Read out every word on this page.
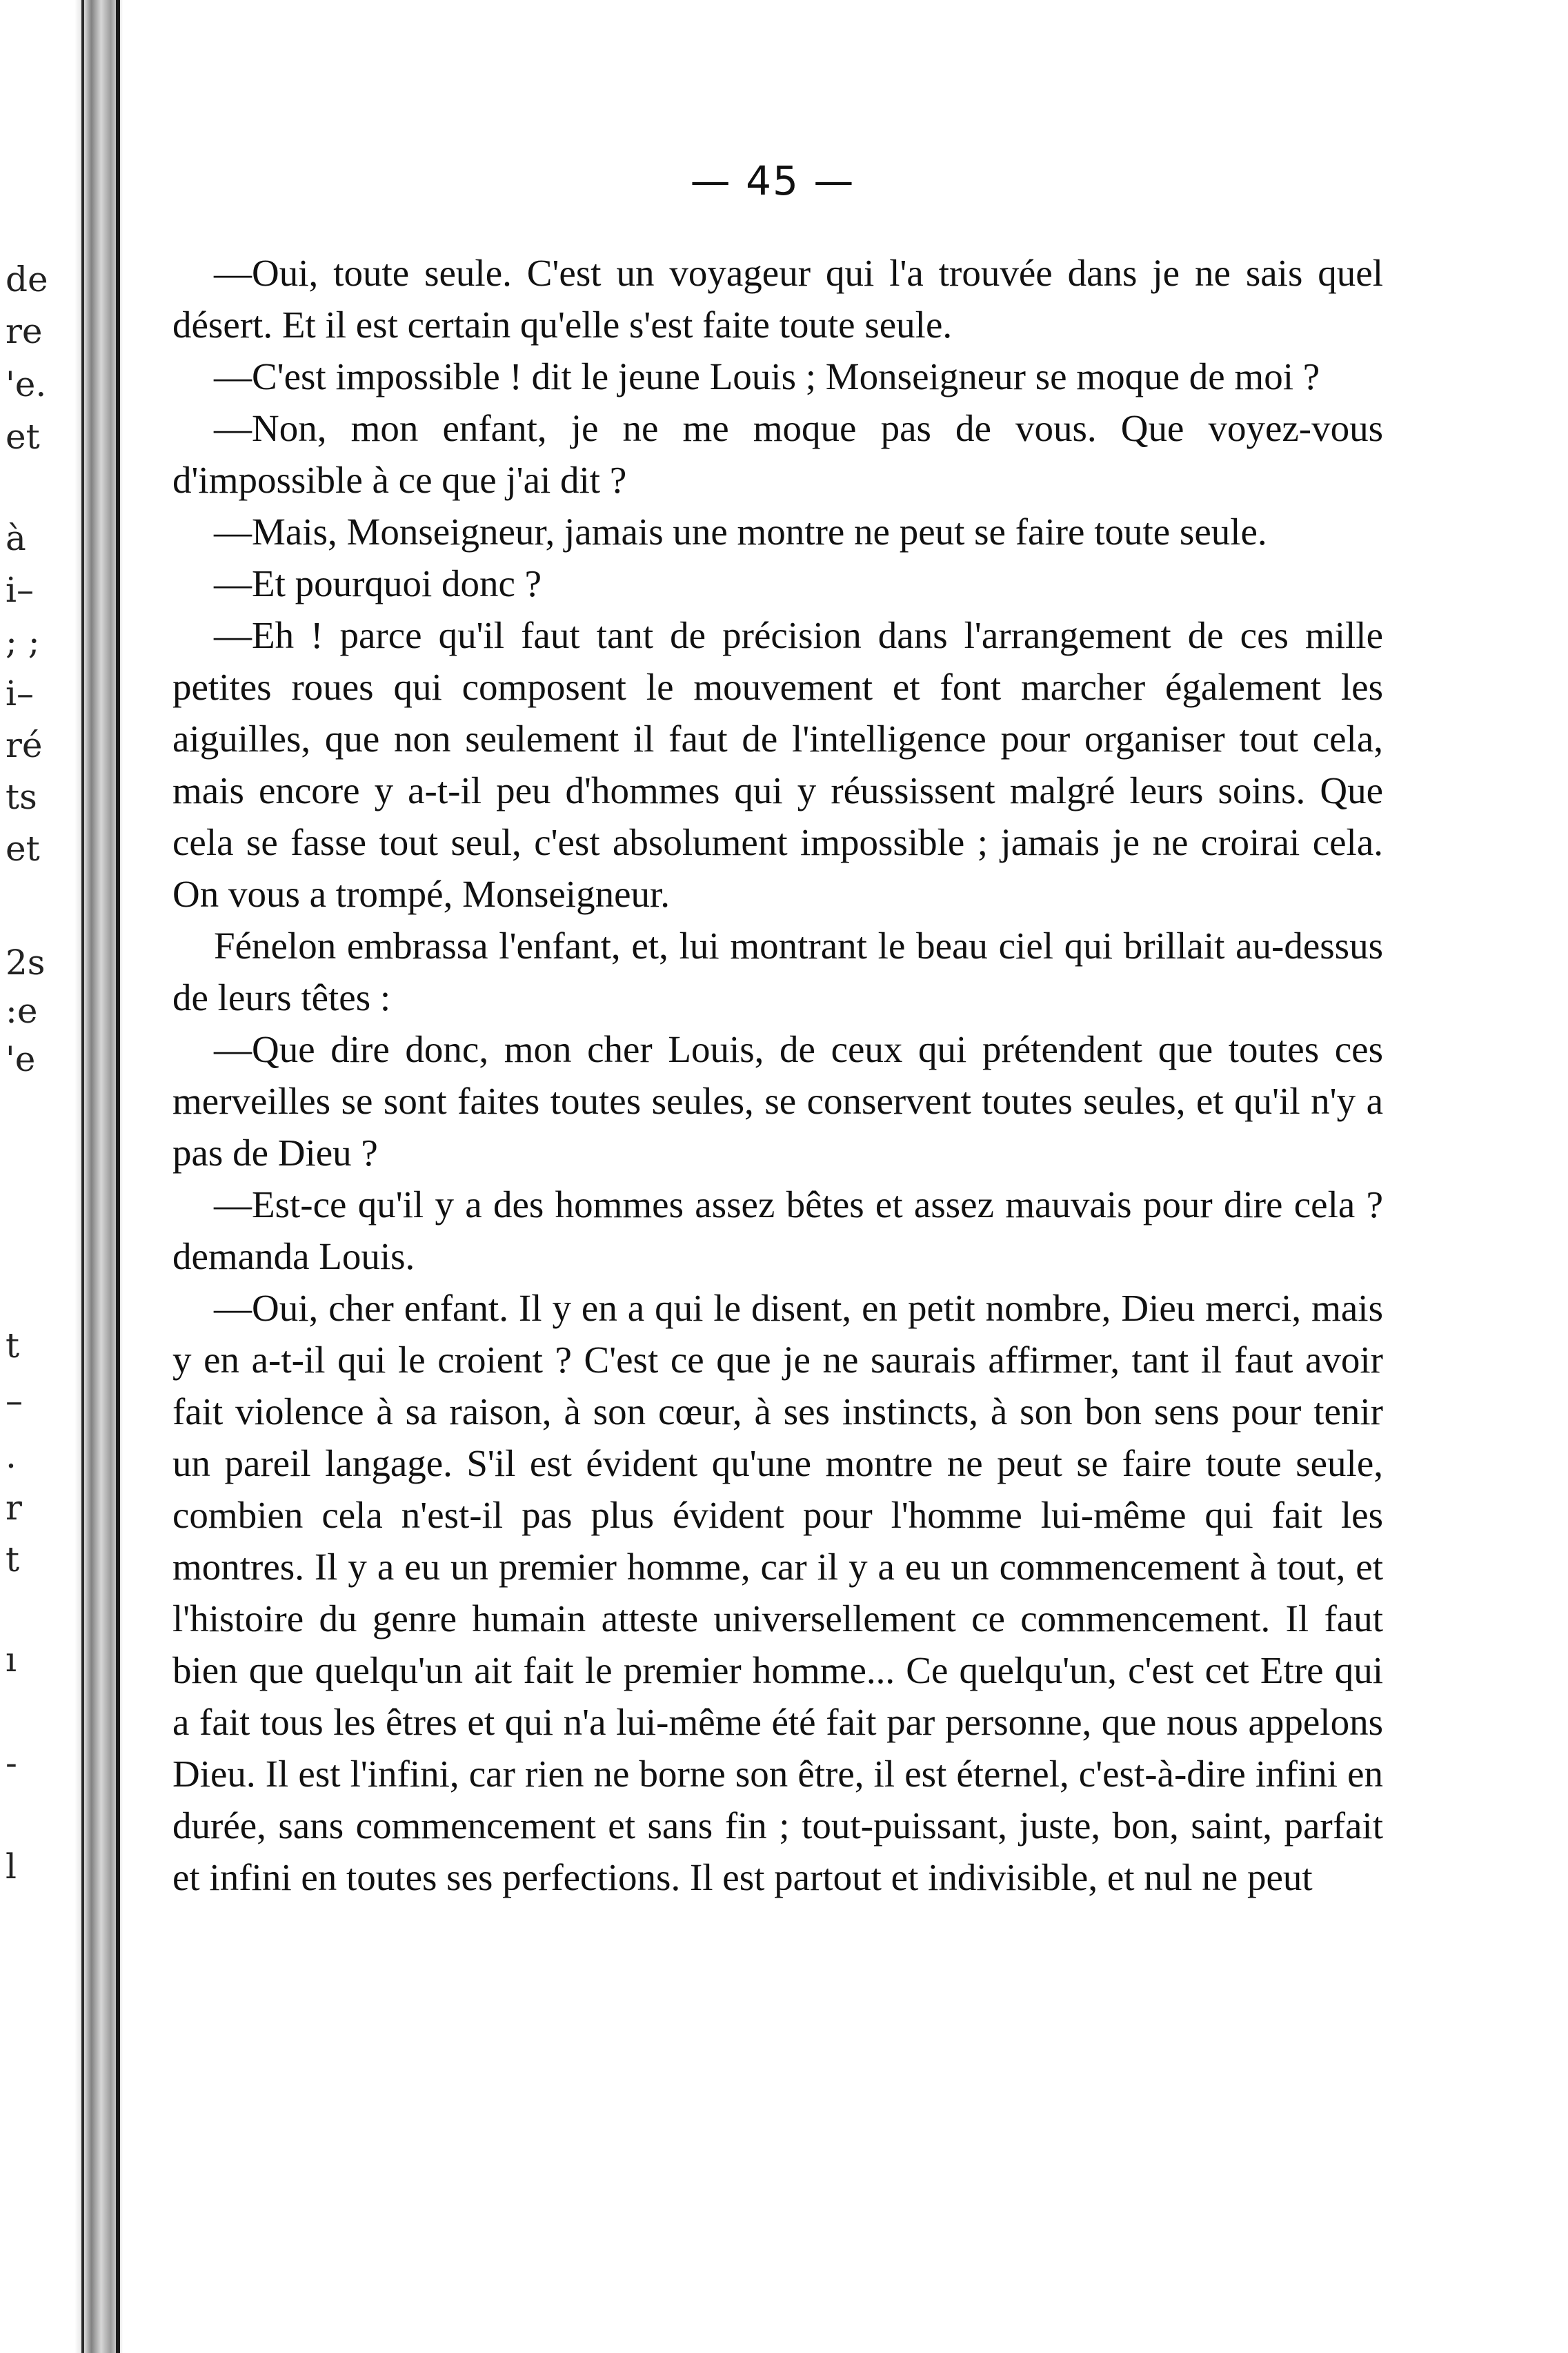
de
re
'e.
et
à
i–
; ;
i–
ré
ts
et
2s
:e
'e
t
–
.
r
t
ı
-
l
— 45 —

—Oui, toute seule. C'est un voyageur qui l'a trouvée dans je ne sais quel désert. Et il est certain qu'elle s'est faite toute seule.

—C'est impossible ! dit le jeune Louis ; Monseigneur se moque de moi ?

—Non, mon enfant, je ne me moque pas de vous. Que voyez-vous d'impossible à ce que j'ai dit ?

—Mais, Monseigneur, jamais une montre ne peut se faire toute seule.

—Et pourquoi donc ?

—Eh ! parce qu'il faut tant de précision dans l'arrangement de ces mille petites roues qui composent le mouvement et font marcher également les aiguilles, que non seulement il faut de l'intelligence pour organiser tout cela, mais encore y a-t-il peu d'hommes qui y réussissent malgré leurs soins. Que cela se fasse tout seul, c'est absolument impossible ; jamais je ne croirai cela. On vous a trompé, Monseigneur.

Fénelon embrassa l'enfant, et, lui montrant le beau ciel qui brillait au-dessus de leurs têtes :

—Que dire donc, mon cher Louis, de ceux qui prétendent que toutes ces merveilles se sont faites toutes seules, se conservent toutes seules, et qu'il n'y a pas de Dieu ?

—Est-ce qu'il y a des hommes assez bêtes et assez mauvais pour dire cela ? demanda Louis.

—Oui, cher enfant. Il y en a qui le disent, en petit nombre, Dieu merci, mais y en a-t-il qui le croient ? C'est ce que je ne saurais affirmer, tant il faut avoir fait violence à sa raison, à son cœur, à ses instincts, à son bon sens pour tenir un pareil langage. S'il est évident qu'une montre ne peut se faire toute seule, combien cela n'est-il pas plus évident pour l'homme lui-même qui fait les montres. Il y a eu un premier homme, car il y a eu un commencement à tout, et l'histoire du genre humain atteste universellement ce commencement. Il faut bien que quelqu'un ait fait le premier homme... Ce quelqu'un, c'est cet Etre qui a fait tous les êtres et qui n'a lui-même été fait par personne, que nous appelons Dieu. Il est l'infini, car rien ne borne son être, il est éternel, c'est-à-dire infini en durée, sans commencement et sans fin ; tout-puissant, juste, bon, saint, parfait et infini en toutes ses perfections. Il est partout et indivisible, et nul ne peut
